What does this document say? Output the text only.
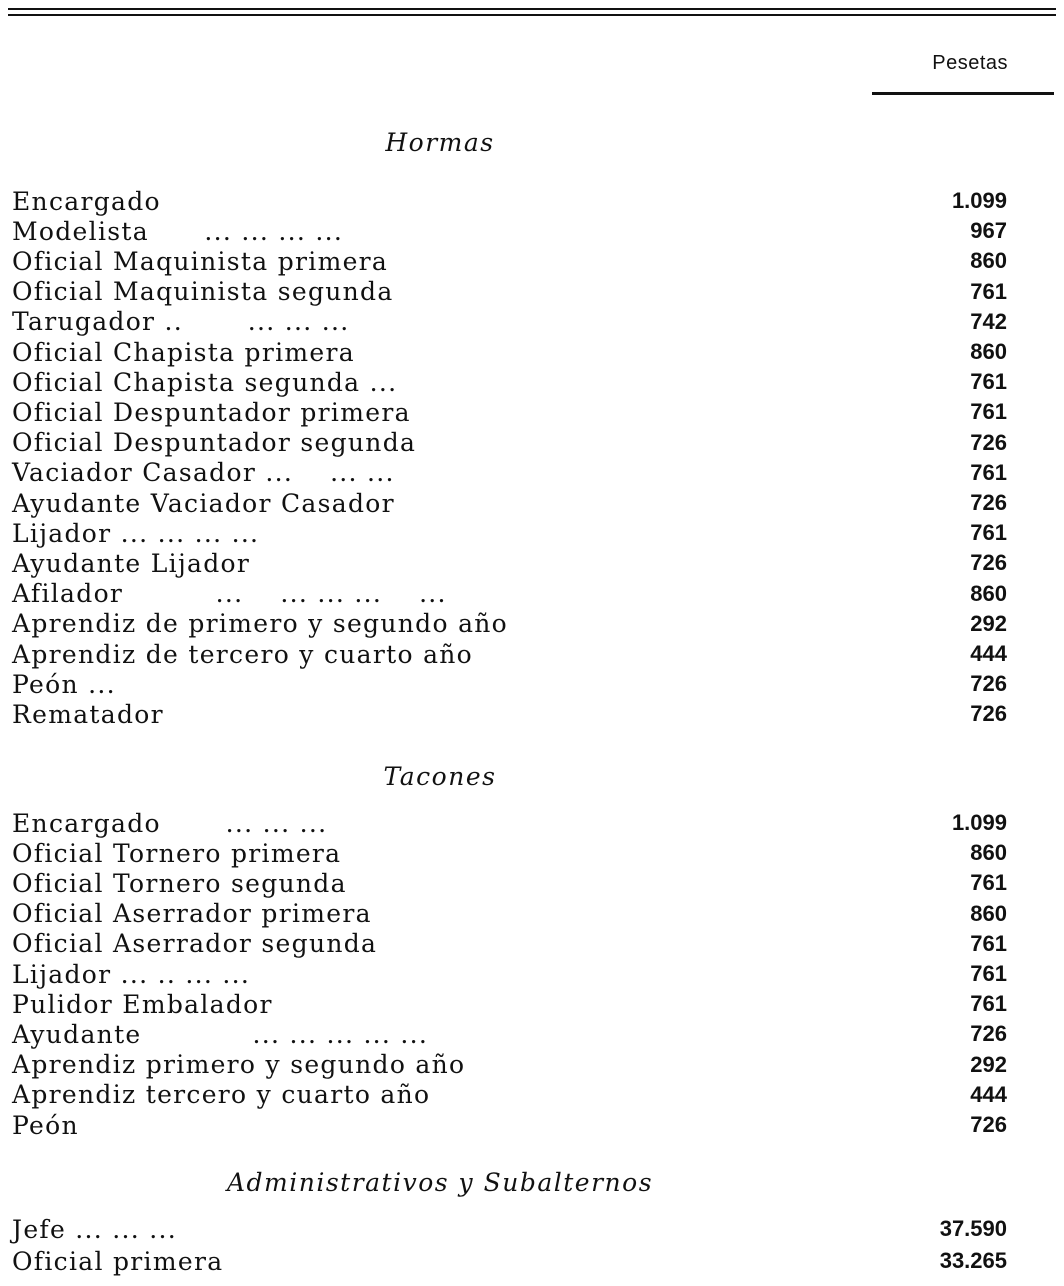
Pesetas
Hormas
Encargado	1.099
Modelista      ... ... ... ...	967
Oficial Maquinista primera	860
Oficial Maquinista segunda	761
Tarugador ..       ... ... ...	742
Oficial Chapista primera	860
Oficial Chapista segunda ...	761
Oficial Despuntador primera	761
Oficial Despuntador segunda	726
Vaciador Casador ...    ... ...	761
Ayudante Vaciador Casador	726
Lijador ... ... ... ...	761
Ayudante Lijador	726
Afilador          ...    ... ... ...    ...	860
Aprendiz de primero y segundo año	292
Aprendiz de tercero y cuarto año	444
Peón ...	726
Rematador	726
Tacones
Encargado       ... ... ...	1.099
Oficial Tornero primera	860
Oficial Tornero segunda	761
Oficial Aserrador primera	860
Oficial Aserrador segunda	761
Lijador ... .. ... ...	761
Pulidor Embalador	761
Ayudante            ... ... ... ... ...	726
Aprendiz primero y segundo año	292
Aprendiz tercero y cuarto año	444
Peón	726
Administrativos y Subalternos
Jefe ... ... ...	37.590
Oficial primera	33.265
